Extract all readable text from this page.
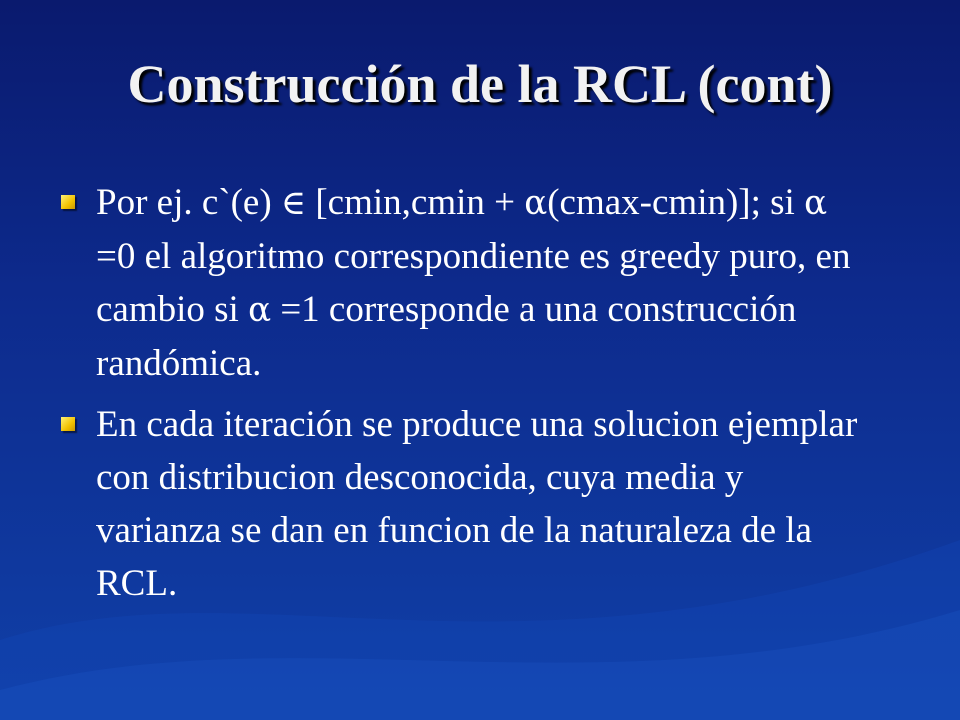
Construcción de la RCL (cont)
Por ej. c`(e) ∈ [cmin,cmin + α(cmax-cmin)]; si α =0 el algoritmo correspondiente es greedy puro, en cambio si α =1 corresponde a una construcción randómica.
En cada iteración se produce una solucion ejemplar con distribucion desconocida, cuya media y varianza se dan en funcion de la naturaleza de la RCL.
